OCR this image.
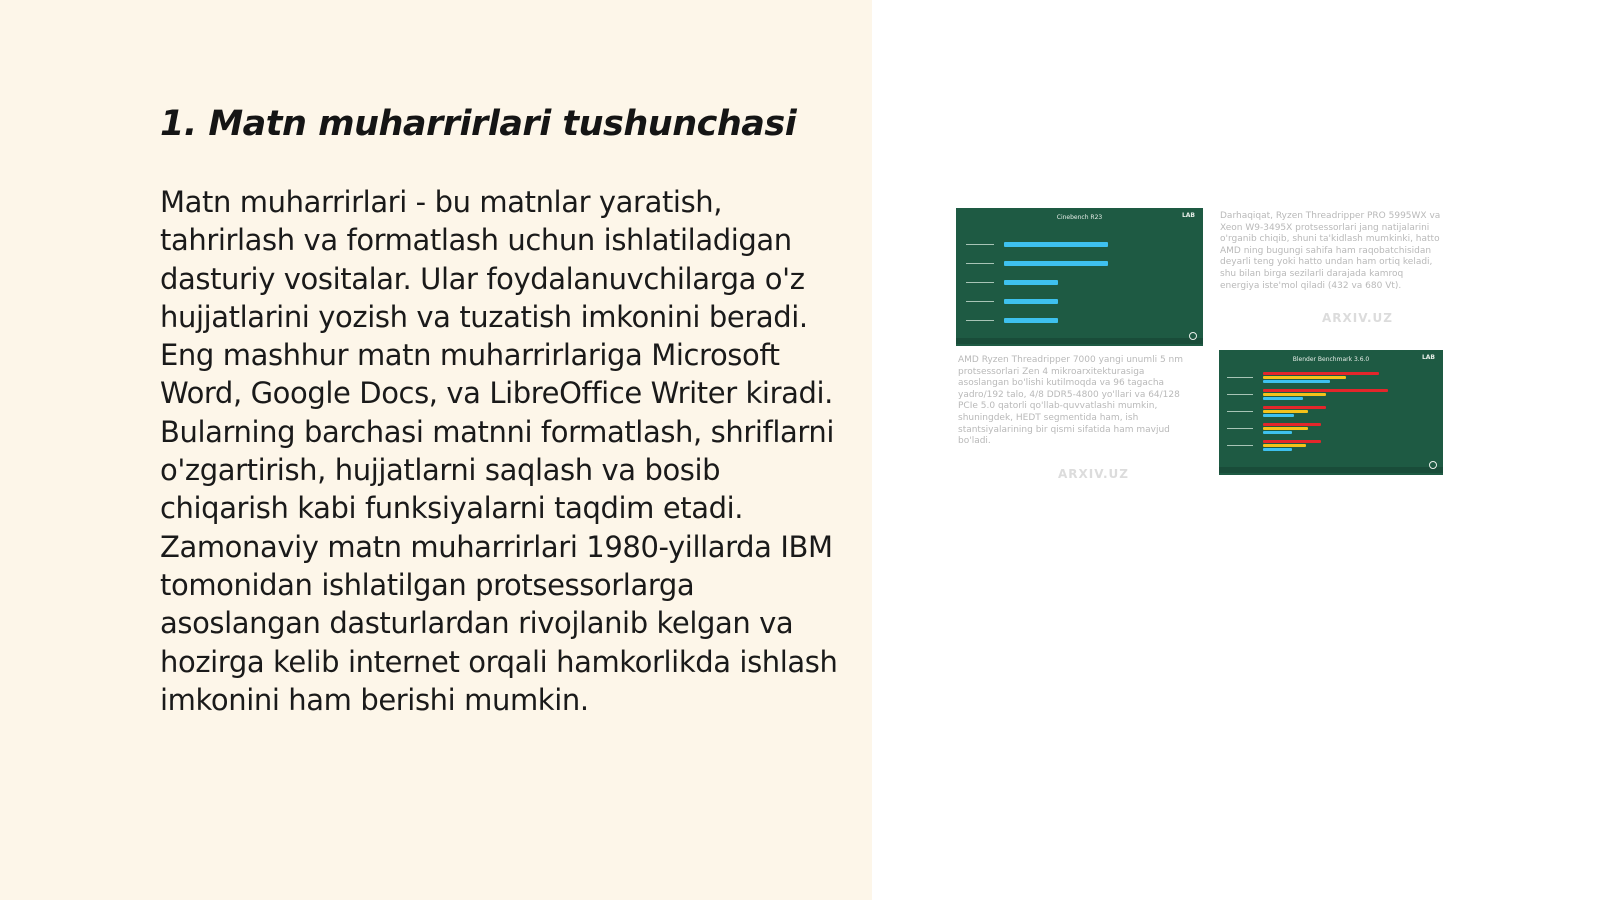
1. Matn muharrirlari tushunchasi

Matn muharrirlari - bu matnlar yaratish, tahrirlash va formatlash uchun ishlatiladigan dasturiy vositalar. Ular foydalanuvchilarga o'z hujjatlarini yozish va tuzatish imkonini beradi. Eng mashhur matn muharrirlariga Microsoft Word, Google Docs, va LibreOffice Writer kiradi. Bularning barchasi matnni formatlash, shriflarni o'zgartirish, hujjatlarni saqlash va bosib chiqarish kabi funksiyalarni taqdim etadi. Zamonaviy matn muharrirlari 1980-yillarda IBM tomonidan ishlatilgan protsessorlarga asoslangan dasturlardan rivojlanib kelgan va hozirga kelib internet orqali hamkorlikda ishlash imkonini ham berishi mumkin.

Cinebench R23	LAB
	Darhaqiqat, Ryzen Threadripper PRO 5995WX va Xeon W9-3495X protsessorlari jang natijalarini o'rganib chiqib, shuni ta'kidlash mumkinki, hatto AMD ning bugungi sahifa ham raqobatchisidan deyarli teng yoki hatto undan ham ortiq keladi, shu bilan birga sezilarli darajada kamroq energiya iste'mol qiladi (432 va 680 Vt).

ARXIV.UZ

AMD Ryzen Threadripper 7000 yangi unumli 5 nm protsessorlari Zen 4 mikroarxitekturasiga asoslangan bo'lishi kutilmoqda va 96 tagacha yadro/192 talo, 4/8 DDR5-4800 yo'llari va 64/128 PCIe 5.0 qatorli qo'llab-quvvatlashi mumkin, shuningdek, HEDT segmentida ham, ish stantsiyalarining bir qismi sifatida ham mavjud bo'ladi.

ARXIV.UZ
Blender Benchmark 3.6.0	LAB
